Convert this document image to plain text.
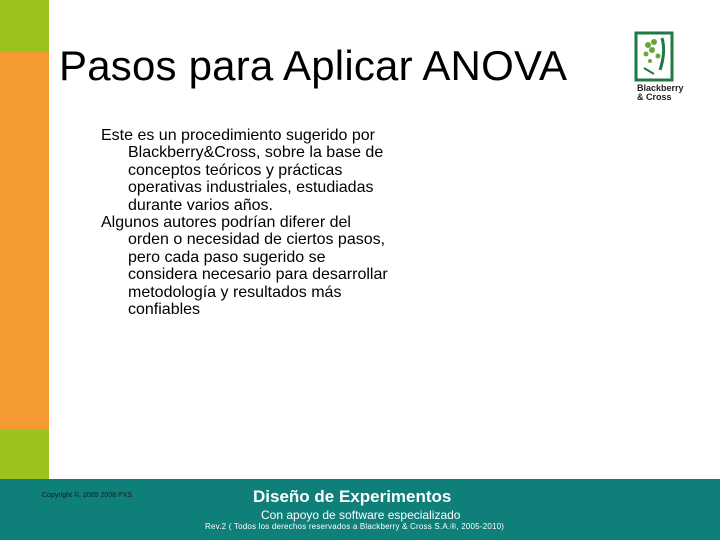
Pasos para Aplicar ANOVA	Blackberry
& Cross

Este es un procedimiento sugerido por Blackberry&Cross, sobre la base de conceptos teóricos y prácticas operativas industriales, estudiadas durante varios años.

Algunos autores podrían diferer del orden o necesidad de ciertos pasos, pero cada paso sugerido se considera necesario para desarrollar metodología y resultados más confiables

Copyright ©, 2005 2008 PXS	Diseño de Experimentos
Con apoyo de software especializado
Rev.2 ( Todos los derechos reservados a Blackberry & Cross S.A.®, 2005-2010)
